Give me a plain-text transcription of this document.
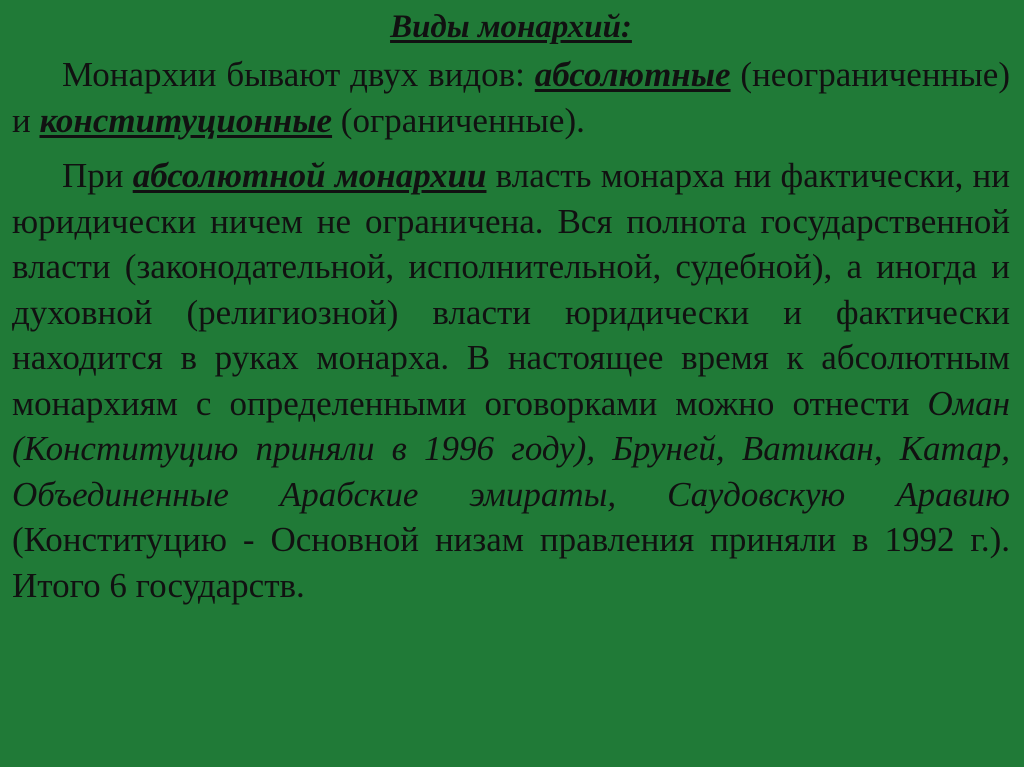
Виды монархий:

Монархии бывают двух видов: абсолютные (неограниченные) и конституционные (ограниченные).

При абсолютной монархии власть монарха ни фактически, ни юридически ничем не ограничена. Вся полнота государственной власти (законодательной, исполнительной, судебной), а иногда и духовной (религиозной) власти юридически и фактически находится в руках монарха. В настоящее время к абсолютным монархиям с определенными оговорками можно отнести Оман (Конституцию приняли в 1996 году), Бруней, Ватикан, Катар, Объединенные Арабские эмираты, Саудовскую Аравию (Конституцию - Основной низам правления приняли в 1992 г.). Итого 6 государств.
